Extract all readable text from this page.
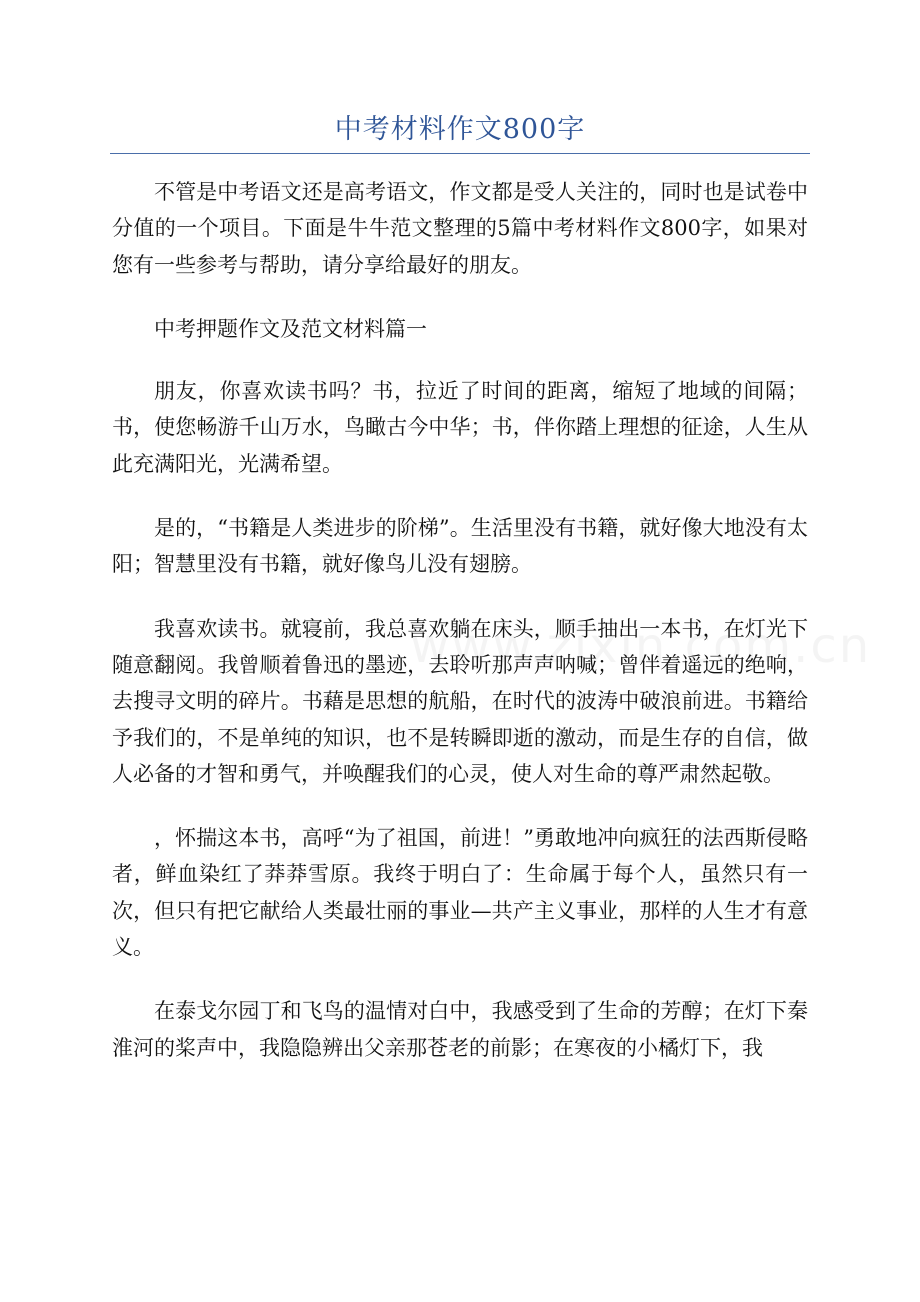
中考材料作文800字

不管是中考语文还是高考语文，作文都是受人关注的，同时也是试卷中分值的一个项目。下面是牛牛范文整理的5篇中考材料作文800字，如果对您有一些参考与帮助，请分享给最好的朋友。

中考押题作文及范文材料篇一

朋友，你喜欢读书吗？书，拉近了时间的距离，缩短了地域的间隔；书，使您畅游千山万水，鸟瞰古今中华；书，伴你踏上理想的征途，人生从此充满阳光，光满希望。

是的，“书籍是人类进步的阶梯”。生活里没有书籍，就好像大地没有太阳；智慧里没有书籍，就好像鸟儿没有翅膀。

我喜欢读书。就寝前，我总喜欢躺在床头，顺手抽出一本书，在灯光下随意翻阅。我曾顺着鲁迅的墨迹，去聆听那声声呐喊；曾伴着遥远的绝响，去搜寻文明的碎片。书藉是思想的航船，在时代的波涛中破浪前进。书籍给予我们的，不是单纯的知识，也不是转瞬即逝的激动，而是生存的自信，做人必备的才智和勇气，并唤醒我们的心灵，使人对生命的尊严肃然起敬。

，怀揣这本书，高呼“为了祖国，前进！”勇敢地冲向疯狂的法西斯侵略者，鲜血染红了莽莽雪原。我终于明白了：生命属于每个人，虽然只有一次，但只有把它献给人类最壮丽的事业—共产主义事业，那样的人生才有意义。

在泰戈尔园丁和飞鸟的温情对白中，我感受到了生命的芳醇；在灯下秦淮河的桨声中，我隐隐辨出父亲那苍老的前影；在寒夜的小橘灯下，我
